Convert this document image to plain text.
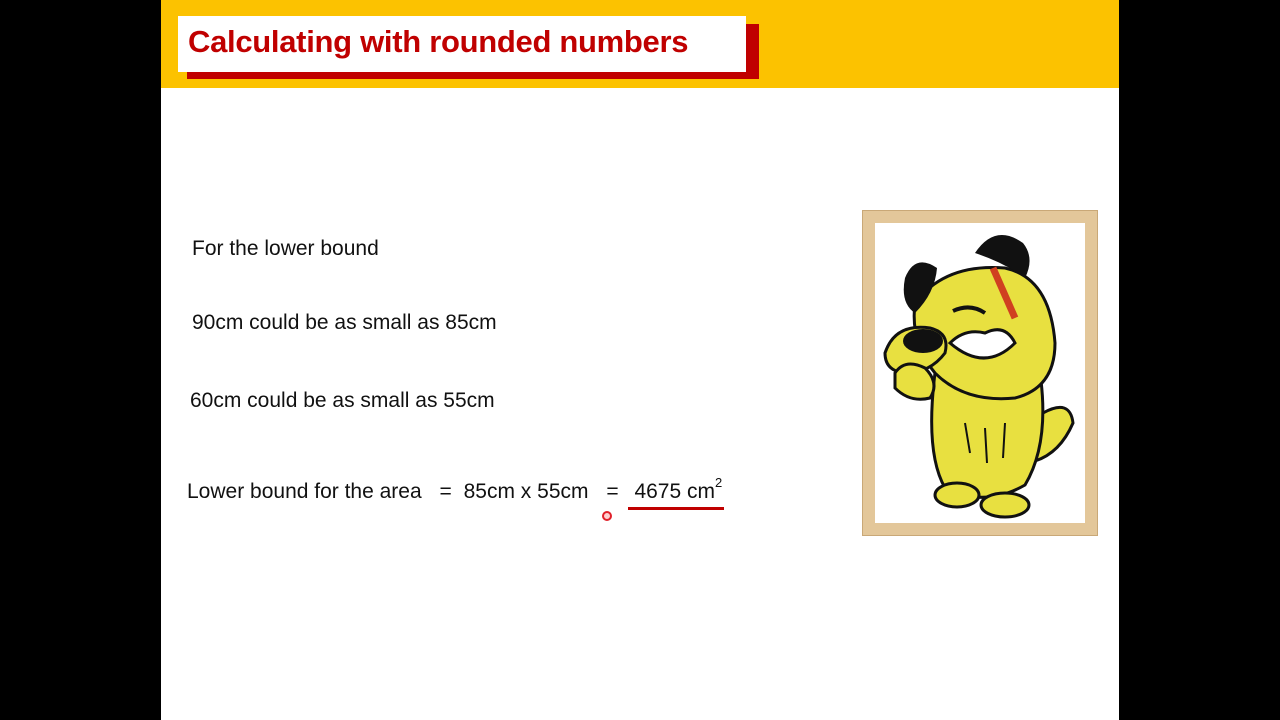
Calculating with rounded numbers
For the lower bound
90cm could be as small as 85cm
60cm could be as small as 55cm
Lower bound for the area = 85cm x 55cm = 4675 $cm^2$
